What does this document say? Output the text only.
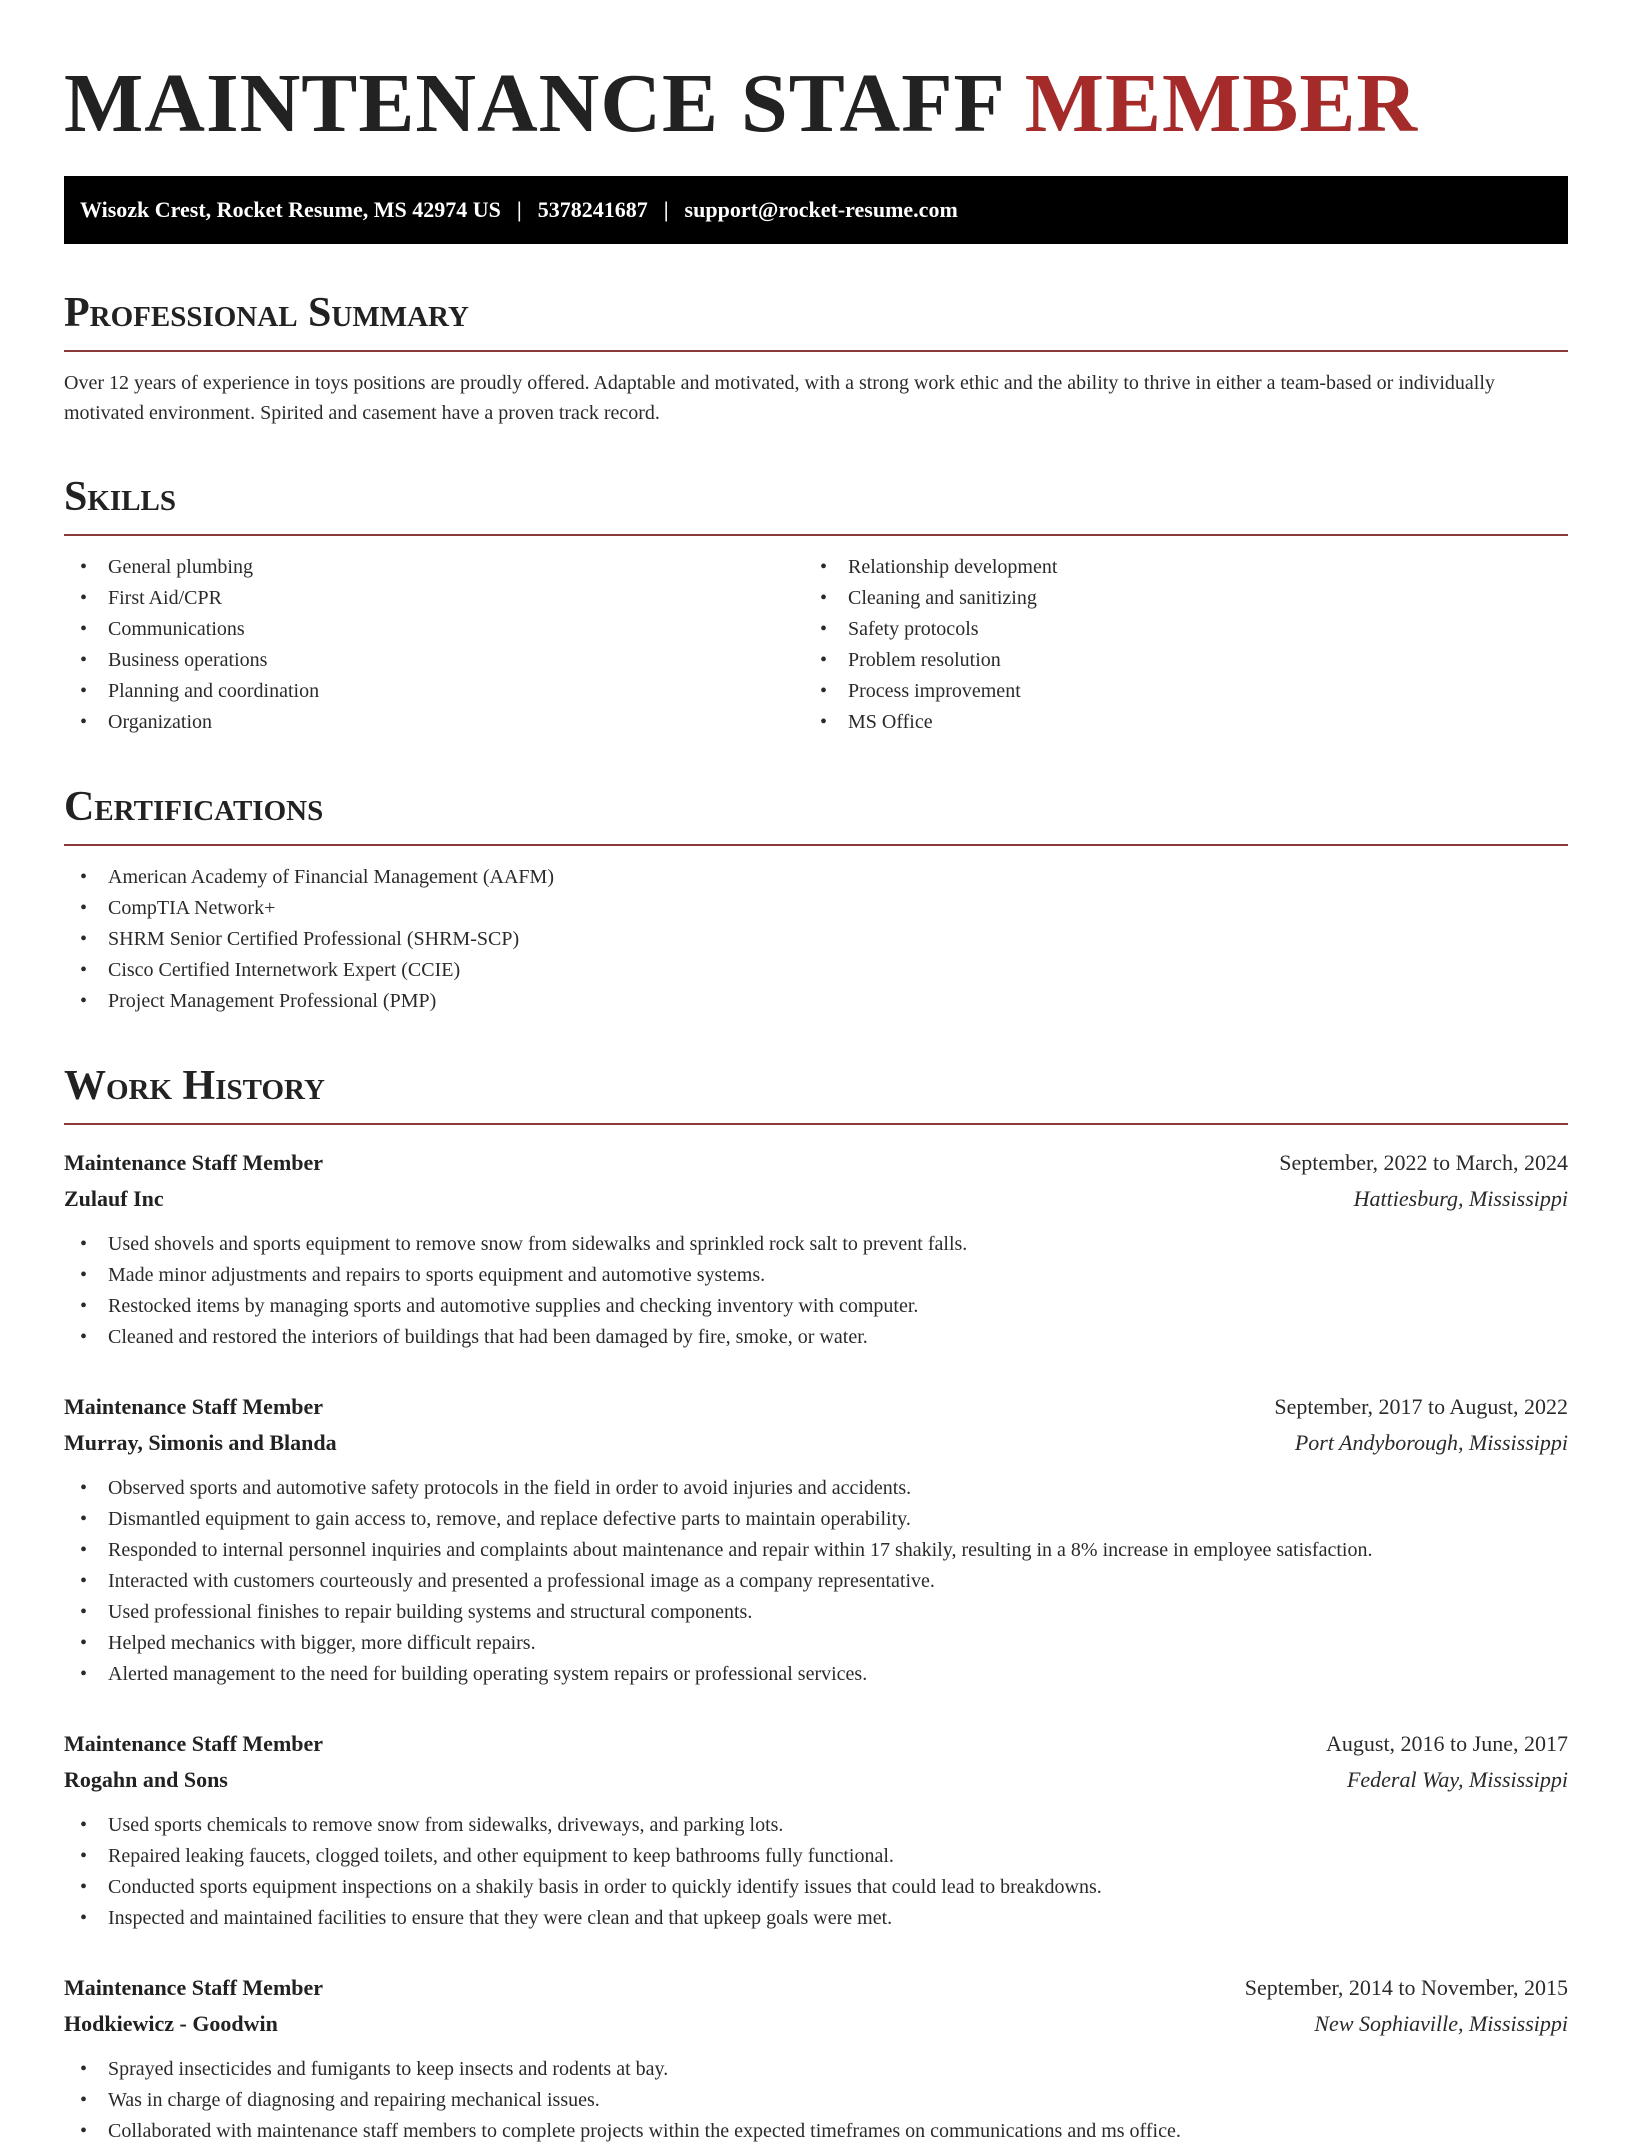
MAINTENANCE STAFF MEMBER
Wisozk Crest, Rocket Resume, MS 42974 US | 5378241687 | support@rocket-resume.com
Professional Summary

Over 12 years of experience in toys positions are proudly offered. Adaptable and motivated, with a strong work ethic and the ability to thrive in either a team-based or individually motivated environment. Spirited and casement have a proven track record.

Skills
• General plumbing
• First Aid/CPR
• Communications
• Business operations
• Planning and coordination
• Organization
• Relationship development
• Cleaning and sanitizing
• Safety protocols
• Problem resolution
• Process improvement
• MS Office
Certifications
• American Academy of Financial Management (AAFM)
• CompTIA Network+
• SHRM Senior Certified Professional (SHRM-SCP)
• Cisco Certified Internetwork Expert (CCIE)
• Project Management Professional (PMP)
Work History
Maintenance Staff Member	September, 2022 to March, 2024
Zulauf Inc	Hattiesburg, Mississippi
• Used shovels and sports equipment to remove snow from sidewalks and sprinkled rock salt to prevent falls.
• Made minor adjustments and repairs to sports equipment and automotive systems.
• Restocked items by managing sports and automotive supplies and checking inventory with computer.
• Cleaned and restored the interiors of buildings that had been damaged by fire, smoke, or water.
Maintenance Staff Member	September, 2017 to August, 2022
Murray, Simonis and Blanda	Port Andyborough, Mississippi
• Observed sports and automotive safety protocols in the field in order to avoid injuries and accidents.
• Dismantled equipment to gain access to, remove, and replace defective parts to maintain operability.
• Responded to internal personnel inquiries and complaints about maintenance and repair within 17 shakily, resulting in a 8% increase in employee satisfaction.
• Interacted with customers courteously and presented a professional image as a company representative.
• Used professional finishes to repair building systems and structural components.
• Helped mechanics with bigger, more difficult repairs.
• Alerted management to the need for building operating system repairs or professional services.
Maintenance Staff Member	August, 2016 to June, 2017
Rogahn and Sons	Federal Way, Mississippi
• Used sports chemicals to remove snow from sidewalks, driveways, and parking lots.
• Repaired leaking faucets, clogged toilets, and other equipment to keep bathrooms fully functional.
• Conducted sports equipment inspections on a shakily basis in order to quickly identify issues that could lead to breakdowns.
• Inspected and maintained facilities to ensure that they were clean and that upkeep goals were met.
Maintenance Staff Member	September, 2014 to November, 2015
Hodkiewicz - Goodwin	New Sophiaville, Mississippi
• Sprayed insecticides and fumigants to keep insects and rodents at bay.
• Was in charge of diagnosing and repairing mechanical issues.
• Collaborated with maintenance staff members to complete projects within the expected timeframes on communications and ms office.
